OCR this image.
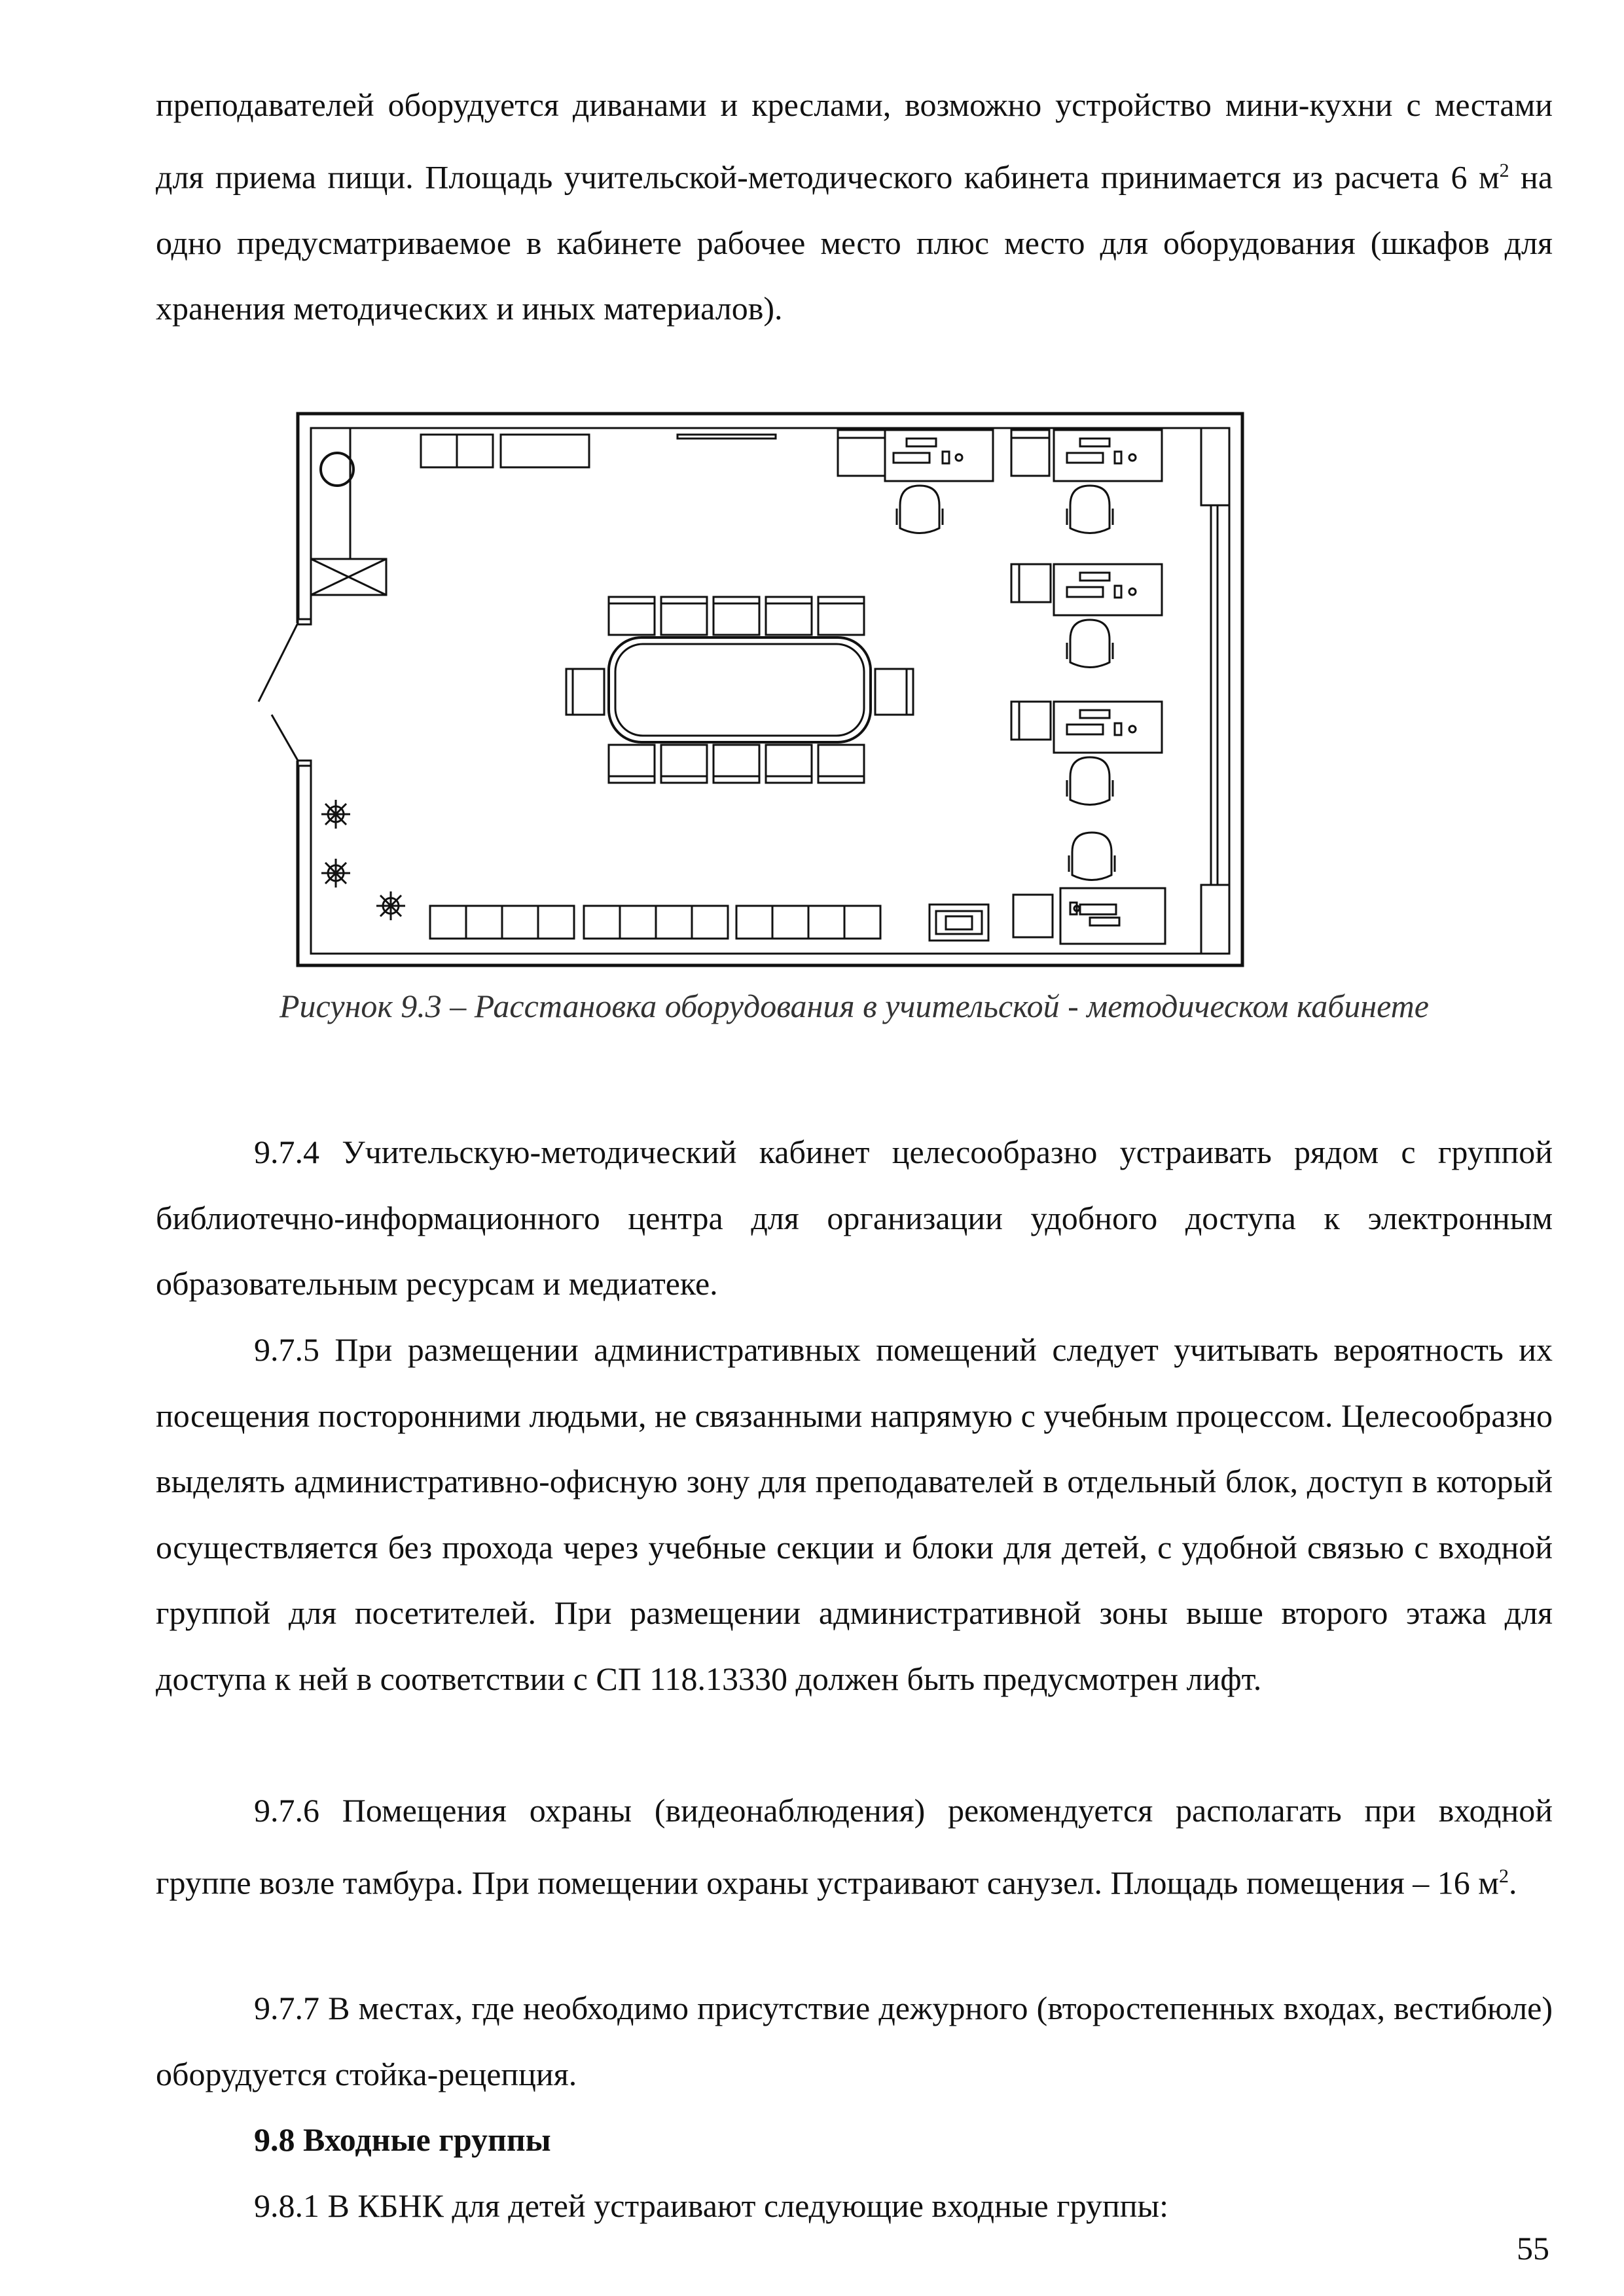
преподавателей оборудуется диванами и креслами, возможно устройство мини-кухни с местами для приема пищи. Площадь учительской-методического кабинета принимается из расчета 6 $м^2$ на одно предусматриваемое в кабинете рабочее место плюс место для оборудования (шкафов для хранения методических и иных материалов).

Рисунок 9.3 – Расстановка оборудования в учительской - методическом кабинете

9.7.4 Учительскую-методический кабинет целесообразно устраивать рядом с группой библиотечно-информационного центра для организации удобного доступа к электронным образовательным ресурсам и медиатеке.

9.7.5 При размещении административных помещений следует учитывать вероятность их посещения посторонними людьми, не связанными напрямую с учебным процессом. Целесообразно выделять административно-офисную зону для преподавателей в отдельный блок, доступ в который осуществляется без прохода через учебные секции и блоки для детей, с удобной связью с входной группой для посетителей. При размещении административной зоны выше второго этажа для доступа к ней в соответствии с СП 118.13330 должен быть предусмотрен лифт.

9.7.6 Помещения охраны (видеонаблюдения) рекомендуется располагать при входной группе возле тамбура. При помещении охраны устраивают санузел. Площадь помещения – 16 $м^2$.

9.7.7 В местах, где необходимо присутствие дежурного (второстепенных входах, вестибюле) оборудуется стойка-рецепция.

9.8 Входные группы

9.8.1 В КБНК для детей устраивают следующие входные группы:

55
